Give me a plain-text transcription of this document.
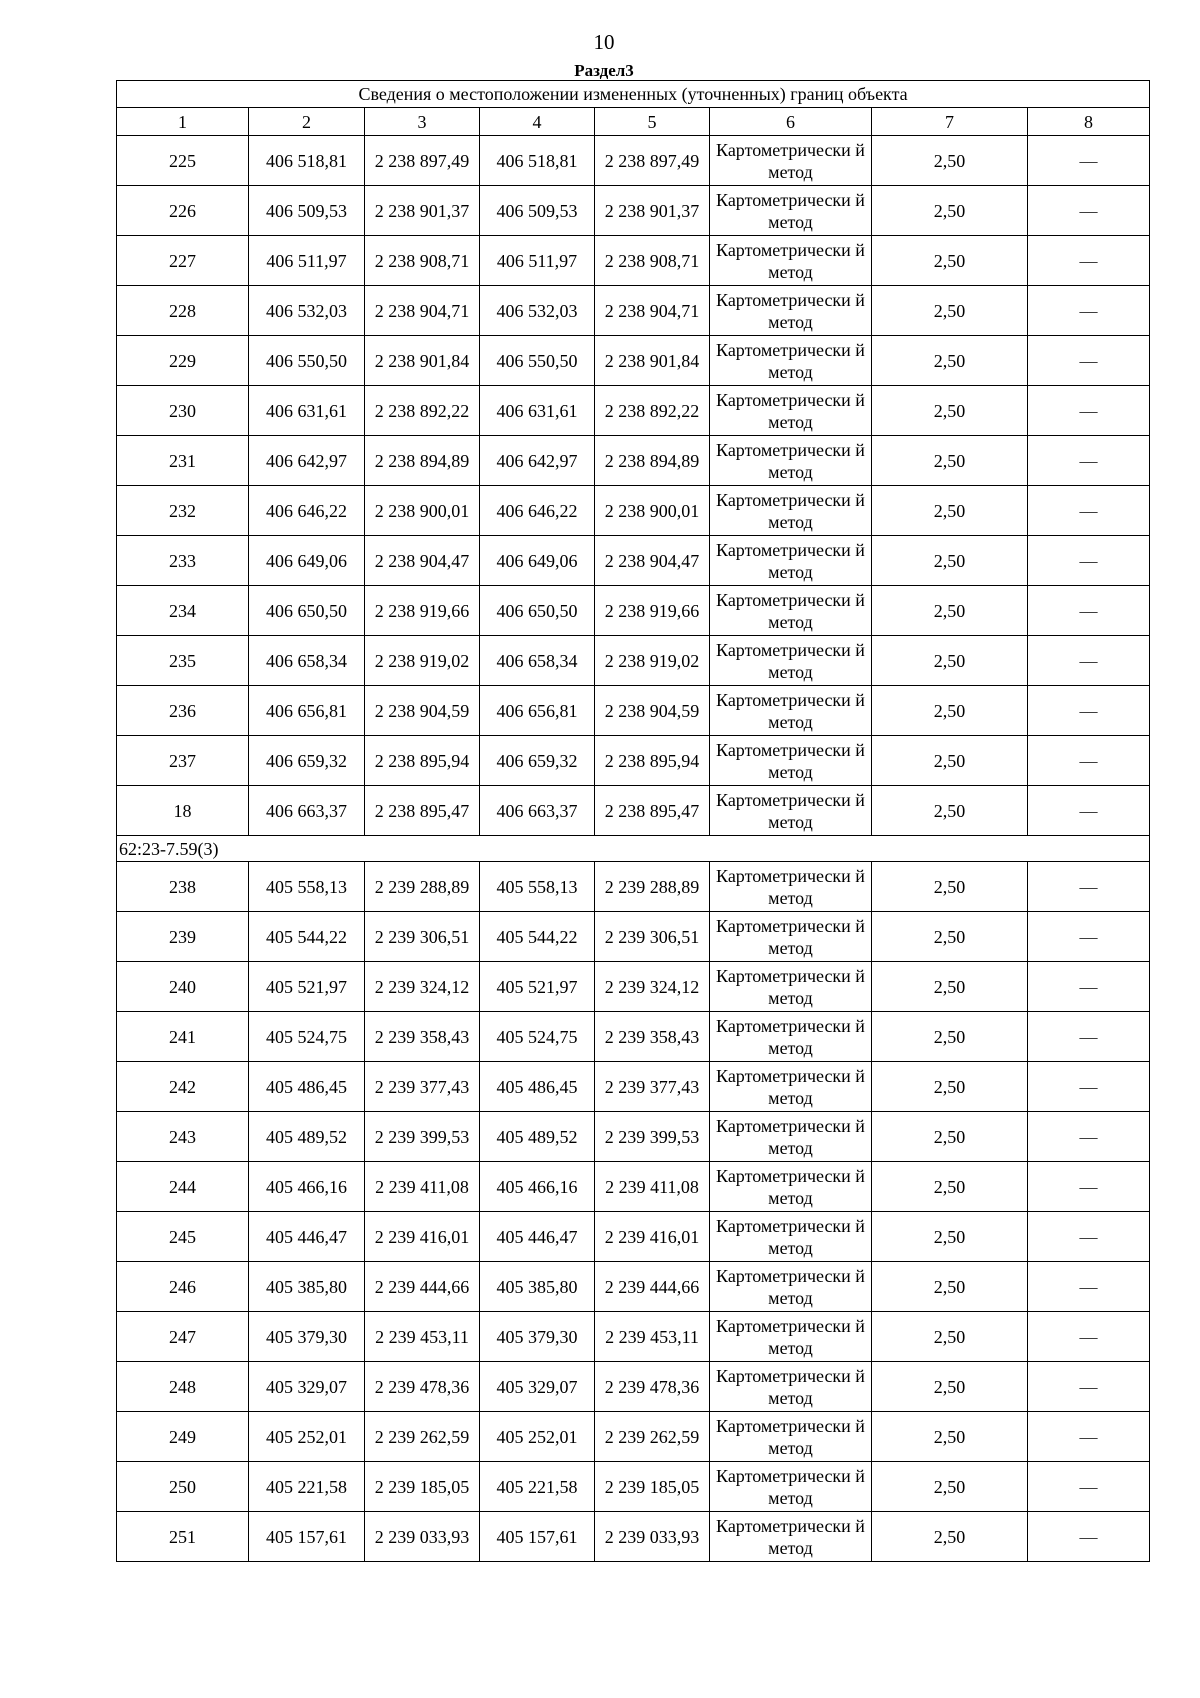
10
Раздел3
Сведения о местоположении измененных (уточненных) границ объекта							
1	2	3	4	5	6	7	8
225	406 518,81	2 238 897,49	406 518,81	2 238 897,49	Картометрически й метод	2,50	—
226	406 509,53	2 238 901,37	406 509,53	2 238 901,37	Картометрически й метод	2,50	—
227	406 511,97	2 238 908,71	406 511,97	2 238 908,71	Картометрически й метод	2,50	—
228	406 532,03	2 238 904,71	406 532,03	2 238 904,71	Картометрически й метод	2,50	—
229	406 550,50	2 238 901,84	406 550,50	2 238 901,84	Картометрически й метод	2,50	—
230	406 631,61	2 238 892,22	406 631,61	2 238 892,22	Картометрически й метод	2,50	—
231	406 642,97	2 238 894,89	406 642,97	2 238 894,89	Картометрически й метод	2,50	—
232	406 646,22	2 238 900,01	406 646,22	2 238 900,01	Картометрически й метод	2,50	—
233	406 649,06	2 238 904,47	406 649,06	2 238 904,47	Картометрически й метод	2,50	—
234	406 650,50	2 238 919,66	406 650,50	2 238 919,66	Картометрически й метод	2,50	—
235	406 658,34	2 238 919,02	406 658,34	2 238 919,02	Картометрически й метод	2,50	—
236	406 656,81	2 238 904,59	406 656,81	2 238 904,59	Картометрически й метод	2,50	—
237	406 659,32	2 238 895,94	406 659,32	2 238 895,94	Картометрически й метод	2,50	—
18	406 663,37	2 238 895,47	406 663,37	2 238 895,47	Картометрически й метод	2,50	—
62:23-7.59(3)							
238	405 558,13	2 239 288,89	405 558,13	2 239 288,89	Картометрически й метод	2,50	—
239	405 544,22	2 239 306,51	405 544,22	2 239 306,51	Картометрически й метод	2,50	—
240	405 521,97	2 239 324,12	405 521,97	2 239 324,12	Картометрически й метод	2,50	—
241	405 524,75	2 239 358,43	405 524,75	2 239 358,43	Картометрически й метод	2,50	—
242	405 486,45	2 239 377,43	405 486,45	2 239 377,43	Картометрически й метод	2,50	—
243	405 489,52	2 239 399,53	405 489,52	2 239 399,53	Картометрически й метод	2,50	—
244	405 466,16	2 239 411,08	405 466,16	2 239 411,08	Картометрически й метод	2,50	—
245	405 446,47	2 239 416,01	405 446,47	2 239 416,01	Картометрически й метод	2,50	—
246	405 385,80	2 239 444,66	405 385,80	2 239 444,66	Картометрически й метод	2,50	—
247	405 379,30	2 239 453,11	405 379,30	2 239 453,11	Картометрически й метод	2,50	—
248	405 329,07	2 239 478,36	405 329,07	2 239 478,36	Картометрически й метод	2,50	—
249	405 252,01	2 239 262,59	405 252,01	2 239 262,59	Картометрически й метод	2,50	—
250	405 221,58	2 239 185,05	405 221,58	2 239 185,05	Картометрически й метод	2,50	—
251	405 157,61	2 239 033,93	405 157,61	2 239 033,93	Картометрически й метод	2,50	—
